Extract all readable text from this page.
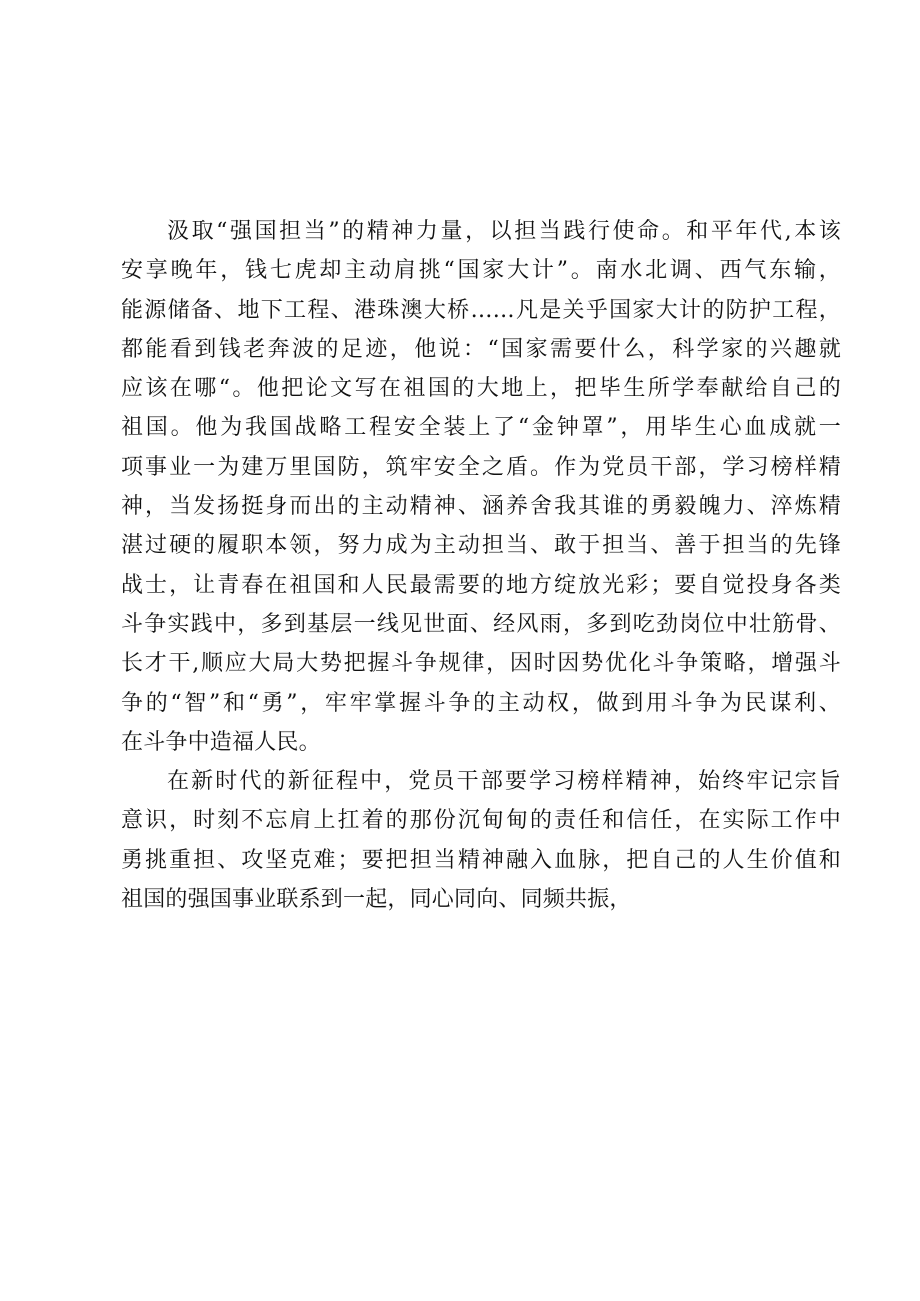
汲取“强国担当”的精神力量，以担当践行使命。和平年代,本该
安享晚年，钱七虎却主动肩挑“国家大计”。南水北调、西气东输，
能源储备、地下工程、港珠澳大桥……凡是关乎国家大计的防护工程，
都能看到钱老奔波的足迹，他说：“国家需要什么，科学家的兴趣就
应该在哪“。他把论文写在祖国的大地上，把毕生所学奉献给自己的
祖国。他为我国战略工程安全装上了“金钟罩”，用毕生心血成就一
项事业一为建万里国防，筑牢安全之盾。作为党员干部，学习榜样精
神，当发扬挺身而出的主动精神、涵养舍我其谁的勇毅魄力、淬炼精
湛过硬的履职本领，努力成为主动担当、敢于担当、善于担当的先锋
战士，让青春在祖国和人民最需要的地方绽放光彩；要自觉投身各类
斗争实践中，多到基层一线见世面、经风雨，多到吃劲岗位中壮筋骨、
长才干,顺应大局大势把握斗争规律，因时因势优化斗争策略，增强斗
争的“智”和“勇”，牢牢掌握斗争的主动权，做到用斗争为民谋利、
在斗争中造福人民。

在新时代的新征程中，党员干部要学习榜样精神，始终牢记宗旨
意识，时刻不忘肩上扛着的那份沉甸甸的责任和信任，在实际工作中
勇挑重担、攻坚克难；要把担当精神融入血脉，把自己的人生价值和
祖国的强国事业联系到一起，同心同向、同频共振，
